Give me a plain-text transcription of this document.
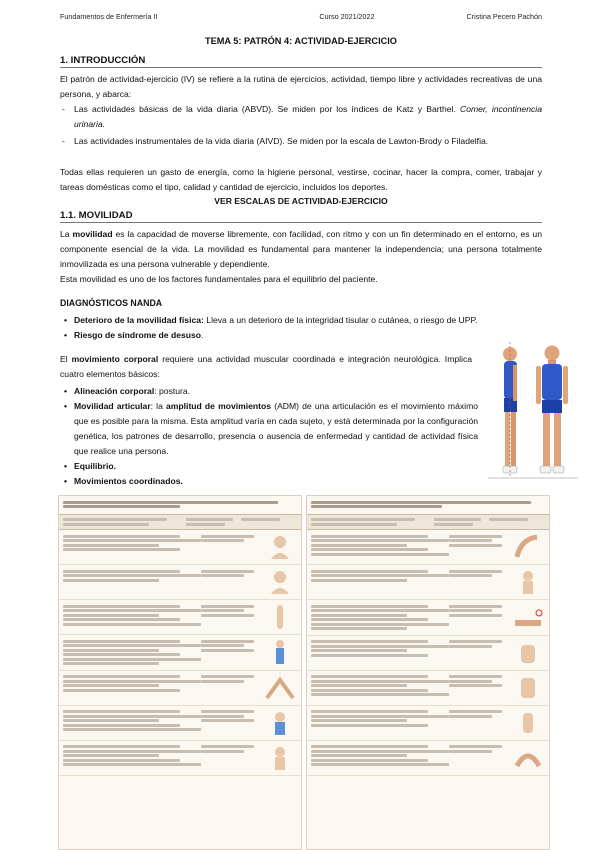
Fundamentos de Enfermería II	Curso 2021/2022	Cristina Pecero Pachón
TEMA 5: PATRÓN 4: ACTIVIDAD-EJERCICIO
1. INTRODUCCIÓN
El patrón de actividad-ejercicio (IV) se refiere a la rutina de ejercicios, actividad, tiempo libre y actividades recreativas de una persona, y abarca:
- Las actividades básicas de la vida diaria (ABVD). Se miden por los índices de Katz y Barthel. Comer, incontinencia urinaria.
- Las actividades instrumentales de la vida diaria (AIVD). Se miden por la escala de Lawton-Brody o Filadelfia.
Todas ellas requieren un gasto de energía, como la higiene personal, vestirse, cocinar, hacer la compra, comer, trabajar y tareas domésticas como el tipo, calidad y cantidad de ejercicio, incluidos los deportes.
VER ESCALAS DE ACTIVIDAD-EJERCICIO
1.1. MOVILIDAD
La movilidad es la capacidad de moverse libremente, con facilidad, con ritmo y con un fin determinado en el entorno, es un componente esencial de la vida. La movilidad es fundamental para mantener la independencia; una persona totalmente inmovilizada es una persona vulnerable y dependiente.
Esta movilidad es uno de los factores fundamentales para el equilibrio del paciente.
DIAGNÓSTICOS NANDA
• Deterioro de la movilidad física: Lleva a un deterioro de la integridad tisular o cutánea, o riesgo de UPP.
• Riesgo de síndrome de desuso.
El movimiento corporal requiere una actividad muscular coordinada e integración neurológica. Implica cuatro elementos básicos:
• Alineación corporal: postura.
• Movilidad articular: la amplitud de movimientos (ADM) de una articulación es el movimiento máximo que es posible para la misma. Esta amplitud varía en cada sujeto, y está determinada por la configuración genética, los patrones de desarrollo, presencia o ausencia de enfermedad y cantidad de actividad física que realice una persona.
• Equilibrio.
• Movimientos coordinados.
